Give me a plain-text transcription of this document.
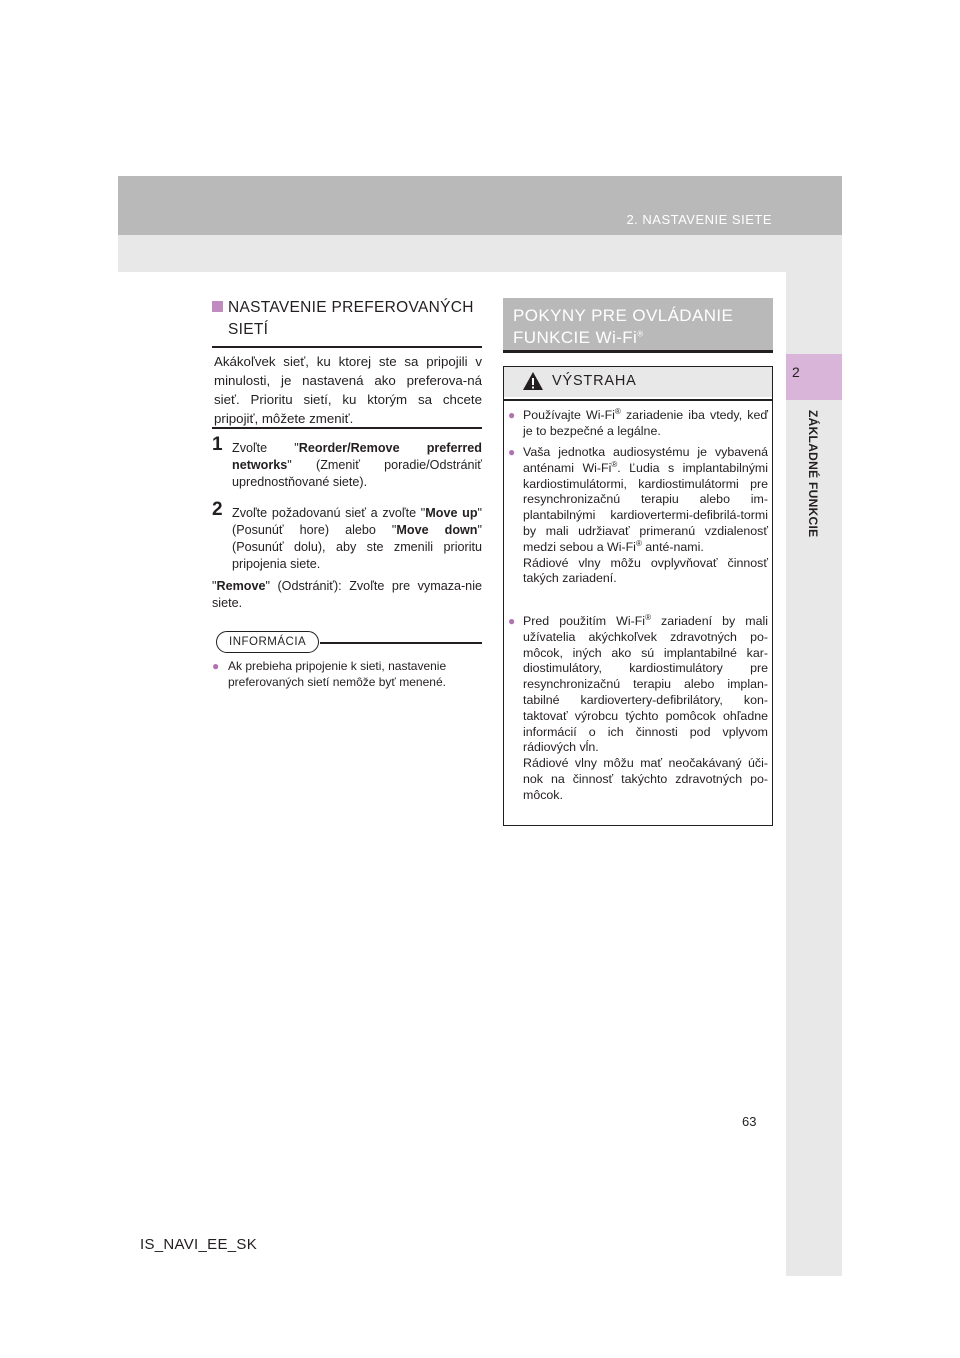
2. NASTAVENIE SIETE
2
ZÁKLADNÉ FUNKCIE
NASTAVENIE PREFEROVANÝCH SIETÍ
Akákoľvek sieť, ku ktorej ste sa pripojili v minulosti, je nastavená ako preferova-ná sieť. Prioritu sietí, ku ktorým sa chcete pripojiť, môžete zmeniť.
1 Zvoľte "Reorder/Remove preferred networks" (Zmeniť poradie/Odstrániť uprednostňované siete).
2 Zvoľte požadovanú sieť a zvoľte "Move up" (Posunúť hore) alebo "Move down" (Posunúť dolu), aby ste zmenili prioritu pripojenia siete.
"Remove" (Odstrániť): Zvoľte pre vymaza-nie siete.
INFORMÁCIA
● Ak prebieha pripojenie k sieti, nastavenie preferovaných sietí nemôže byť menené.
POKYNY PRE OVLÁDANIE
FUNKCIE Wi-Fi®
VÝSTRAHA
● Používajte Wi-Fi® zariadenie iba vtedy, keď je to bezpečné a legálne.
● Vaša jednotka audiosystému je vybavená anténami Wi-Fi®. Ľudia s implantabilnými kardiostimulátormi, kardiostimulátormi pre resynchronizačnú terapiu alebo im-plantabilnými kardiovertermi-defibrilá-tormi by mali udržiavať primeranú vzdialenosť medzi sebou a Wi-Fi® anté-nami.
Rádiové vlny môžu ovplyvňovať činnosť takých zariadení.
● Pred použitím Wi-Fi® zariadení by mali užívatelia akýchkoľvek zdravotných po-môcok, iných ako sú implantabilné kar-diostimulátory, kardiostimulátory pre resynchronizačnú terapiu alebo implan-tabilné kardiovertery-defibrilátory, kon-taktovať výrobcu týchto pomôcok ohľadne informácií o ich činnosti pod vplyvom rádiových vĺn.
Rádiové vlny môžu mať neočakávaný úči-nok na činnosť takýchto zdravotných po-môcok.
63
IS_NAVI_EE_SK
